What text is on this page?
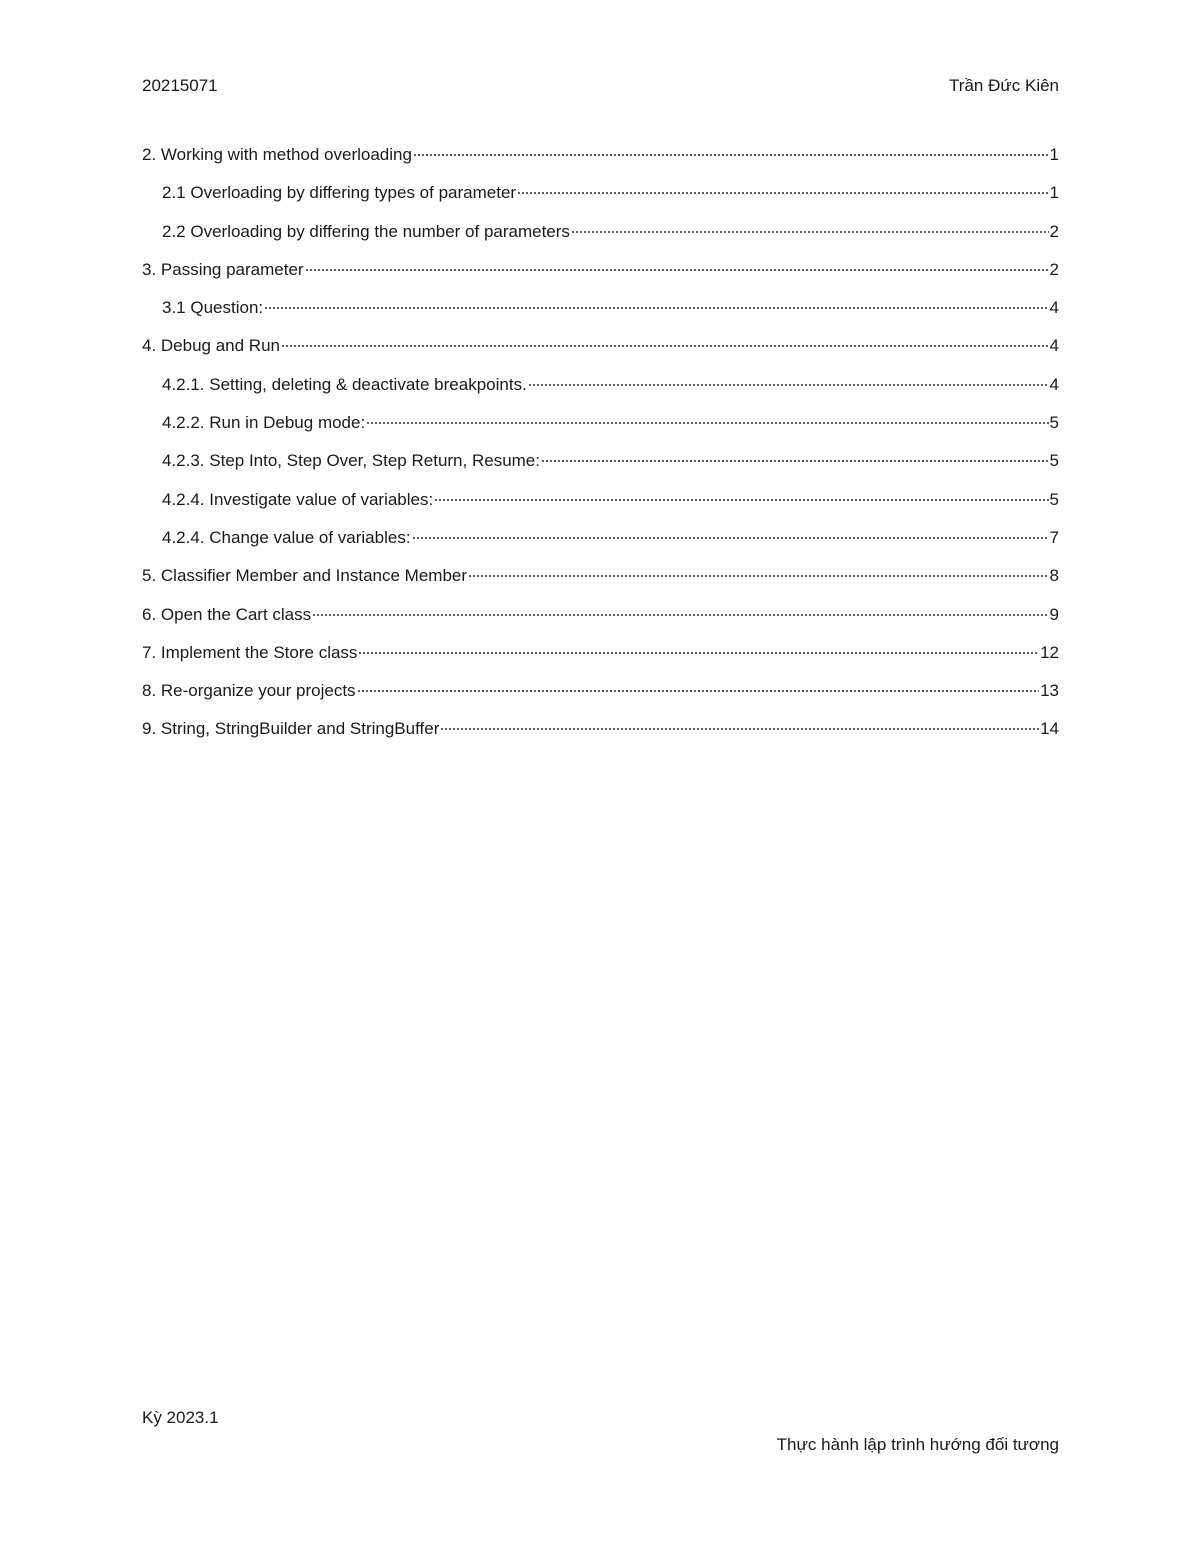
20215071	Trần Đức Kiên
2. Working with method overloading	1
2.1 Overloading by differing types of parameter	1
2.2 Overloading by differing the number of parameters	2
3. Passing parameter	2
3.1 Question:	4
4. Debug and Run	4
4.2.1. Setting, deleting & deactivate breakpoints.	4
4.2.2. Run in Debug mode:	5
4.2.3. Step Into, Step Over, Step Return, Resume:	5
4.2.4. Investigate value of variables:	5
4.2.4. Change value of variables:	7
5. Classifier Member and Instance Member	8
6. Open the Cart class	9
7. Implement the Store class	12
8. Re-organize your projects	13
9. String, StringBuilder and StringBuffer	14
Kỳ 2023.1
Thực hành lập trình hướng đối tương
